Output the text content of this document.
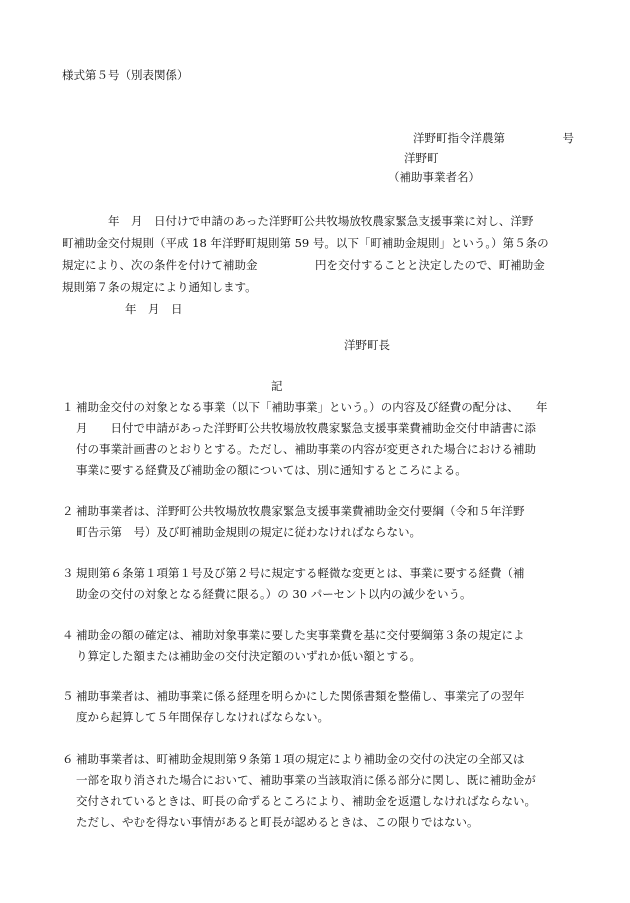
様式第５号（別表関係）
洋野町指令洋農第　　　　　号
洋野町
（補助事業者名）
　　　　年　月　日付けで申請のあった洋野町公共牧場放牧農家緊急支援事業に対し、洋野
町補助金交付規則（平成 18 年洋野町規則第 59 号。以下「町補助金規則」という。）第５条の
規定により、次の条件を付けて補助金　　　　　円を交付することと決定したので、町補助金
規則第７条の規定により通知します。
年　月　日
洋野町長
記
１ 補助金交付の対象となる事業（以下「補助事業」という。）の内容及び経費の配分は、　　年
月　　日付で申請があった洋野町公共牧場放牧農家緊急支援事業費補助金交付申請書に添
付の事業計画書のとおりとする。ただし、補助事業の内容が変更された場合における補助
事業に要する経費及び補助金の額については、別に通知するところによる。
２ 補助事業者は、洋野町公共牧場放牧農家緊急支援事業費補助金交付要綱（令和５年洋野
町告示第　号）及び町補助金規則の規定に従わなければならない。
３ 規則第６条第１項第１号及び第２号に規定する軽微な変更とは、事業に要する経費（補
助金の交付の対象となる経費に限る。）の 30 パーセント以内の減少をいう。
４ 補助金の額の確定は、補助対象事業に要した実事業費を基に交付要綱第３条の規定によ
り算定した額または補助金の交付決定額のいずれか低い額とする。
５ 補助事業者は、補助事業に係る経理を明らかにした関係書類を整備し、事業完了の翌年
度から起算して５年間保存しなければならない。
６ 補助事業者は、町補助金規則第９条第１項の規定により補助金の交付の決定の全部又は
一部を取り消された場合において、補助事業の当該取消に係る部分に関し、既に補助金が
交付されているときは、町長の命ずるところにより、補助金を返還しなければならない。
ただし、やむを得ない事情があると町長が認めるときは、この限りではない。
